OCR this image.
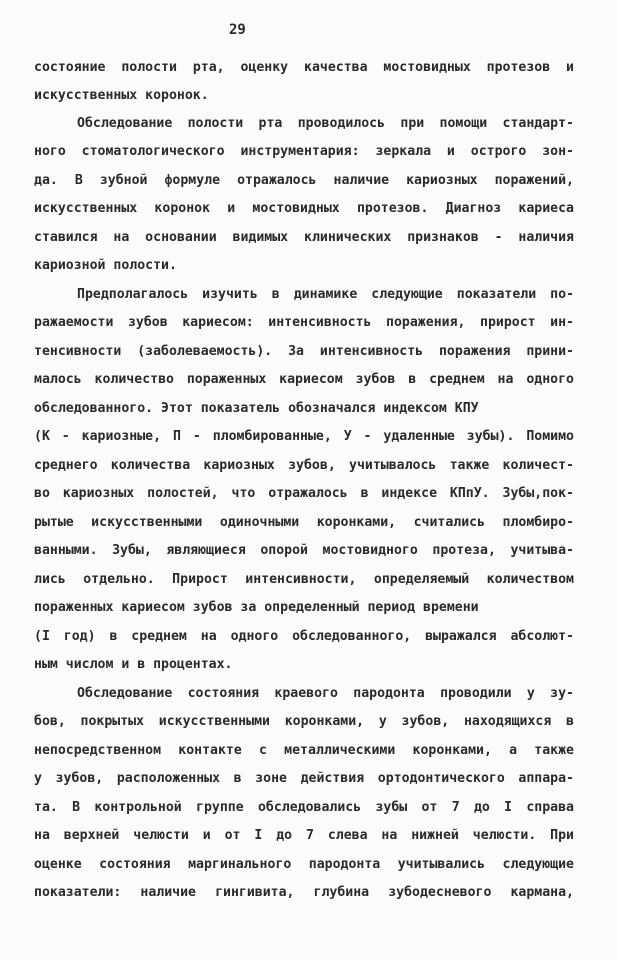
29
состояние полости рта, оценку качества мостовидных протезов и
искусственных коронок.
Обследование полости рта проводилось при помощи стандарт-
ного стоматологического инструментария: зеркала и острого зон-
да. В зубной формуле отражалось наличие кариозных поражений,
искусственных коронок и мостовидных протезов. Диагноз кариеса
ставился на основании видимых клинических признаков - наличия
кариозной полости.
Предполагалось изучить в динамике следующие показатели по-
ражаемости зубов кариесом: интенсивность поражения, прирост ин-
тенсивности (заболеваемость). За интенсивность поражения прини-
малось количество пораженных кариесом зубов в среднем на одного
обследованного. Этот показатель обозначался индексом КПУ
(К - кариозные, П - пломбированные, У - удаленные зубы). Помимо
среднего количества кариозных зубов, учитывалось также количест-
во кариозных полостей, что отражалось в индексе КПпУ. Зубы,пок-
рытые искусственными одиночными коронками, считались пломбиро-
ванными. Зубы, являющиеся опорой мостовидного протеза, учитыва-
лись отдельно. Прирост интенсивности, определяемый количеством
пораженных кариесом зубов за определенный период времени
(I год) в среднем на одного обследованного, выражался абсолют-
ным числом и в процентах.
Обследование состояния краевого пародонта проводили у зу-
бов, покрытых искусственными коронками, у зубов, находящихся в
непосредственном контакте с металлическими коронками, а также
у зубов, расположенных в зоне действия ортодонтического аппара-
та. В контрольной группе обследовались зубы от 7 до I справа
на верхней челюсти и от I до 7 слева на нижней челюсти. При
оценке состояния маргинального пародонта учитывались следующие
показатели: наличие гингивита, глубина зубодесневого кармана,
